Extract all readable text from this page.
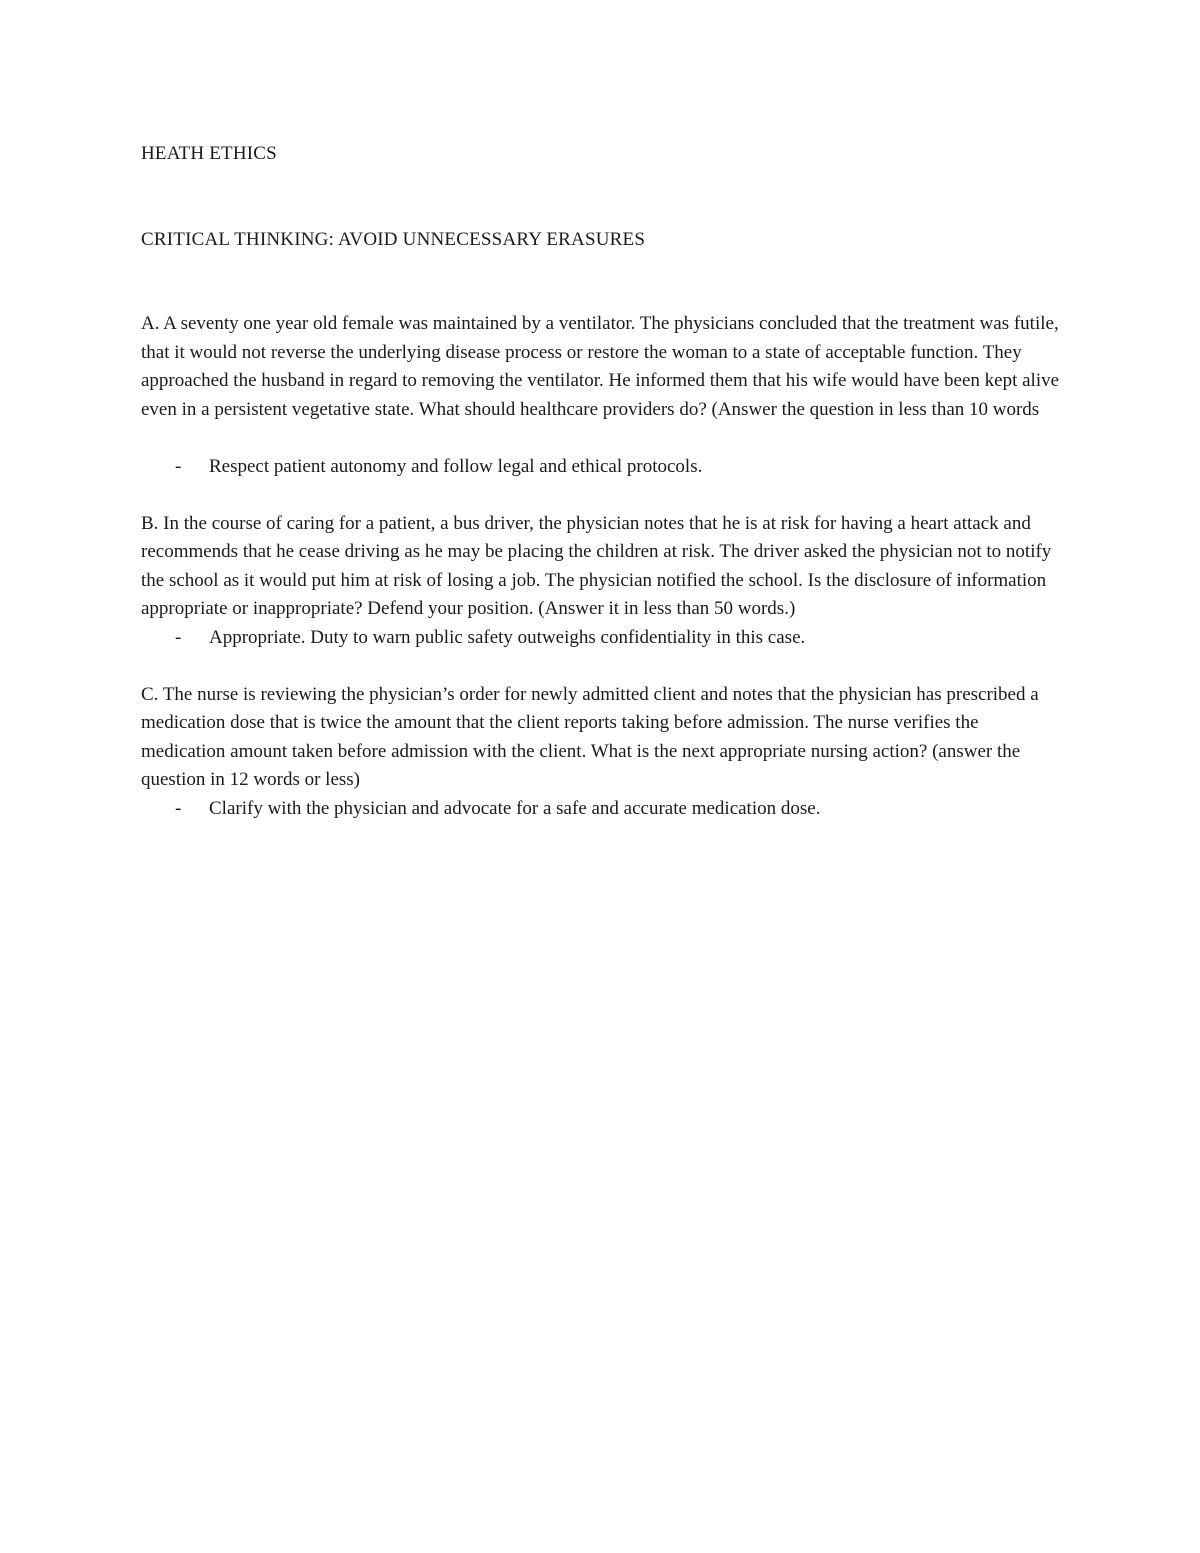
HEATH ETHICS

CRITICAL THINKING: AVOID UNNECESSARY ERASURES

A. A seventy one year old female was maintained by a ventilator. The physicians concluded that the treatment was futile, that it would not reverse the underlying disease process or restore the woman to a state of acceptable function. They approached the husband in regard to removing the ventilator. He informed them that his wife would have been kept alive even in a persistent vegetative state. What should healthcare providers do? (Answer the question in less than 10 words

-	Respect patient autonomy and follow legal and ethical protocols.

B. In the course of caring for a patient, a bus driver, the physician notes that he is at risk for having a heart attack and recommends that he cease driving as he may be placing the children at risk. The driver asked the physician not to notify the school as it would put him at risk of losing a job. The physician notified the school. Is the disclosure of information appropriate or inappropriate? Defend your position. (Answer it in less than 50 words.)

-	Appropriate. Duty to warn public safety outweighs confidentiality in this case.

C. The nurse is reviewing the physician’s order for newly admitted client and notes that the physician has prescribed a medication dose that is twice the amount that the client reports taking before admission. The nurse verifies the medication amount taken before admission with the client. What is the next appropriate nursing action? (answer the question in 12 words or less)

-	Clarify with the physician and advocate for a safe and accurate medication dose.
